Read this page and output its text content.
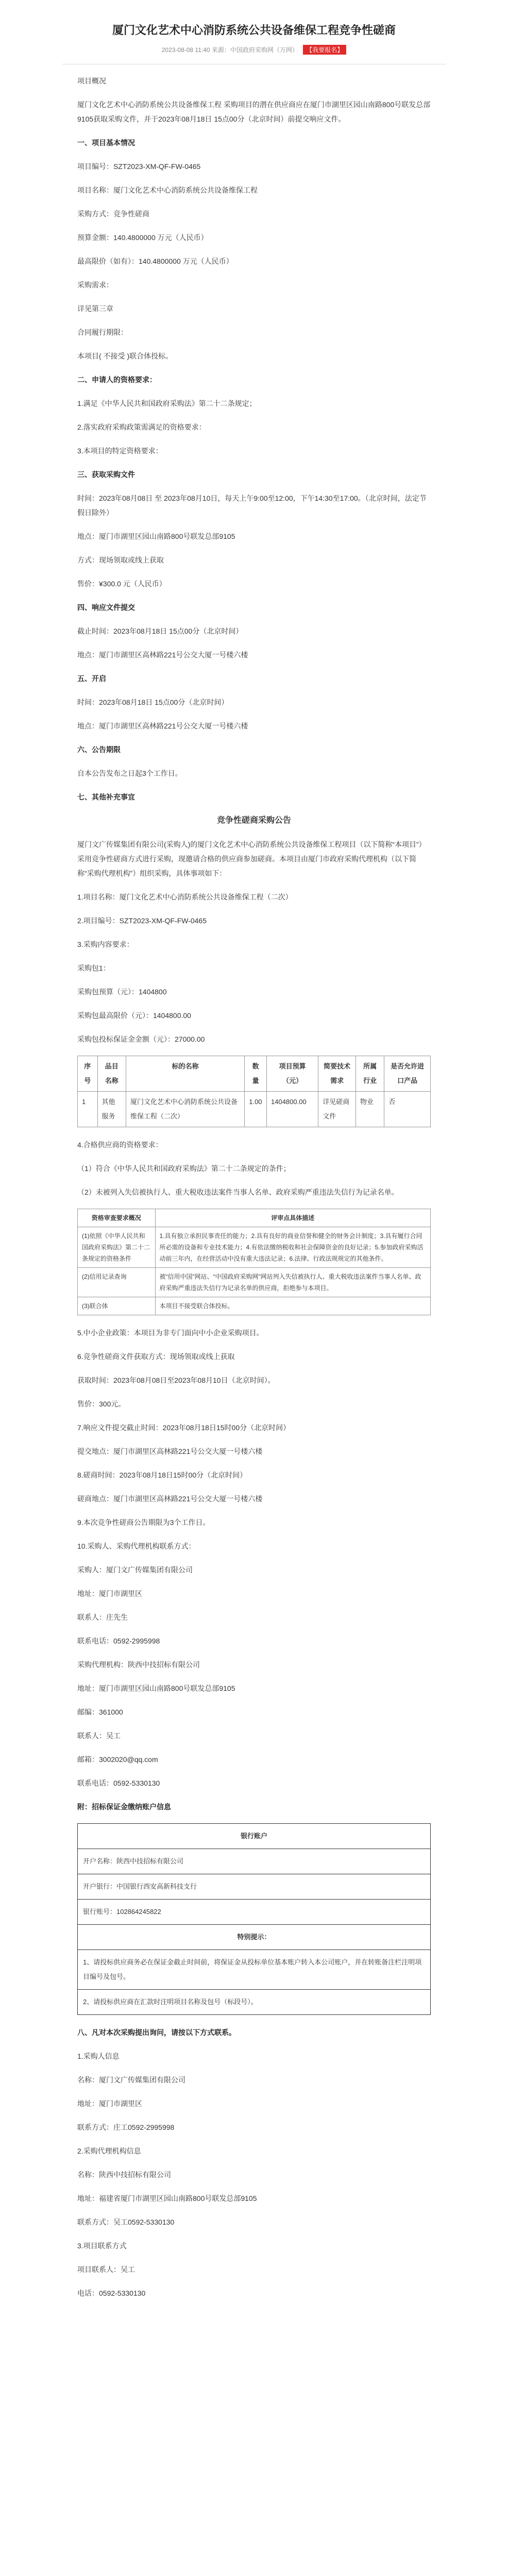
厦门文化艺术中心消防系统公共设备维保工程竞争性磋商
2023-08-08 11:40 来源：中国政府采购网（万网） 【我要报名】

项目概况

厦门文化艺术中心消防系统公共设备维保工程 采购项目的潜在供应商应在厦门市湖里区园山南路800号联发总部9105获取采购文件，并于2023年08月18日 15点00分（北京时间）前提交响应文件。

一、项目基本情况

项目编号：SZT2023-XM-QF-FW-0465

项目名称：厦门文化艺术中心消防系统公共设备维保工程

采购方式：竞争性磋商

预算金额：140.4800000 万元（人民币）

最高限价（如有）：140.4800000 万元（人民币）

采购需求：

详见第三章

合同履行期限：

本项目( 不接受 )联合体投标。

二、申请人的资格要求：

1.满足《中华人民共和国政府采购法》第二十二条规定；

2.落实政府采购政策需满足的资格要求：

3.本项目的特定资格要求：

三、获取采购文件

时间：2023年08月08日 至 2023年08月10日，每天上午9:00至12:00，下午14:30至17:00。（北京时间，法定节假日除外）

地点：厦门市湖里区园山南路800号联发总部9105

方式：现场领取或线上获取

售价：¥300.0 元（人民币）

四、响应文件提交

截止时间：2023年08月18日 15点00分（北京时间）

地点：厦门市湖里区高林路221号公交大厦一号楼六楼

五、开启

时间：2023年08月18日 15点00分（北京时间）

地点：厦门市湖里区高林路221号公交大厦一号楼六楼

六、公告期限

自本公告发布之日起3个工作日。

七、其他补充事宜

竞争性磋商采购公告

厦门文广传媒集团有限公司(采购人)的厦门文化艺术中心消防系统公共设备维保工程项目（以下简称“本项目”）采用竞争性磋商方式进行采购，现邀请合格的供应商参加磋商。本项目由厦门市政府采购代理机构（以下简称“采购代理机构”）组织采购，具体事项如下：

1.项目名称：厦门文化艺术中心消防系统公共设备维保工程（二次）

2.项目编号：SZT2023-XM-QF-FW-0465

3.采购内容要求：

采购包1：

采购包预算（元）：1404800

采购包最高限价（元）：1404800.00

采购包投标保证金金额（元）：27000.00

序号	品目名称	标的名称	数量	项目预算（元）	简要技术需求	所属行业	是否允许进口产品
1	其他服务	厦门文化艺术中心消防系统公共设备维保工程（二次）	1.00	1404800.00	详见磋商文件	物业	否

4.合格供应商的资格要求：

（1）符合《中华人民共和国政府采购法》第二十二条规定的条件；

（2）未被列入失信被执行人、重大税收违法案件当事人名单、政府采购严重违法失信行为记录名单。

资格审查要求概况	评审点具体描述
(1)依照《中华人民共和国政府采购法》第二十二条规定的资格条件	1.具有独立承担民事责任的能力；2.具有良好的商业信誉和健全的财务会计制度；3.具有履行合同所必需的设备和专业技术能力；4.有依法缴纳税收和社会保障资金的良好记录；5.参加政府采购活动前三年内，在经营活动中没有重大违法记录；6.法律、行政法规规定的其他条件。
(2)信用记录查询	被“信用中国”网站、“中国政府采购网”网站列入失信被执行人、重大税收违法案件当事人名单、政府采购严重违法失信行为记录名单的供应商，拒绝参与本项目。
(3)联合体	本项目不接受联合体投标。

5.中小企业政策：本项目为非专门面向中小企业采购项目。

6.竞争性磋商文件获取方式：现场领取或线上获取

获取时间：2023年08月08日至2023年08月10日（北京时间）。

售价：300元。

7.响应文件提交截止时间：2023年08月18日15时00分（北京时间）

提交地点：厦门市湖里区高林路221号公交大厦一号楼六楼

8.磋商时间：2023年08月18日15时00分（北京时间）

磋商地点：厦门市湖里区高林路221号公交大厦一号楼六楼

9.本次竞争性磋商公告期限为3个工作日。

10.采购人、采购代理机构联系方式：

采购人：厦门文广传媒集团有限公司

地址：厦门市湖里区

联系人：庄先生

联系电话：0592-2995998

采购代理机构：陕西中技招标有限公司

地址：厦门市湖里区园山南路800号联发总部9105

邮编：361000

联系人：吴工

邮箱：3002020@qq.com

联系电话：0592-5330130

附：招标保证金缴纳账户信息

银行账户
开户名称：陕西中技招标有限公司
开户银行：中国银行西安高新科技支行
银行账号：102864245822
特别提示：
1、请投标供应商务必在保证金截止时间前，将保证金从投标单位基本账户转入本公司账户，并在转账备注栏注明项目编号及包号。
2、请投标供应商在汇款时注明项目名称及包号（标段号）。

八、凡对本次采购提出询问，请按以下方式联系。

1.采购人信息

名称：厦门文广传媒集团有限公司

地址：厦门市湖里区

联系方式：庄工0592-2995998

2.采购代理机构信息

名称：陕西中技招标有限公司

地址：福建省厦门市湖里区园山南路800号联发总部9105

联系方式：吴工0592-5330130

3.项目联系方式

项目联系人：吴工

电话：0592-5330130
